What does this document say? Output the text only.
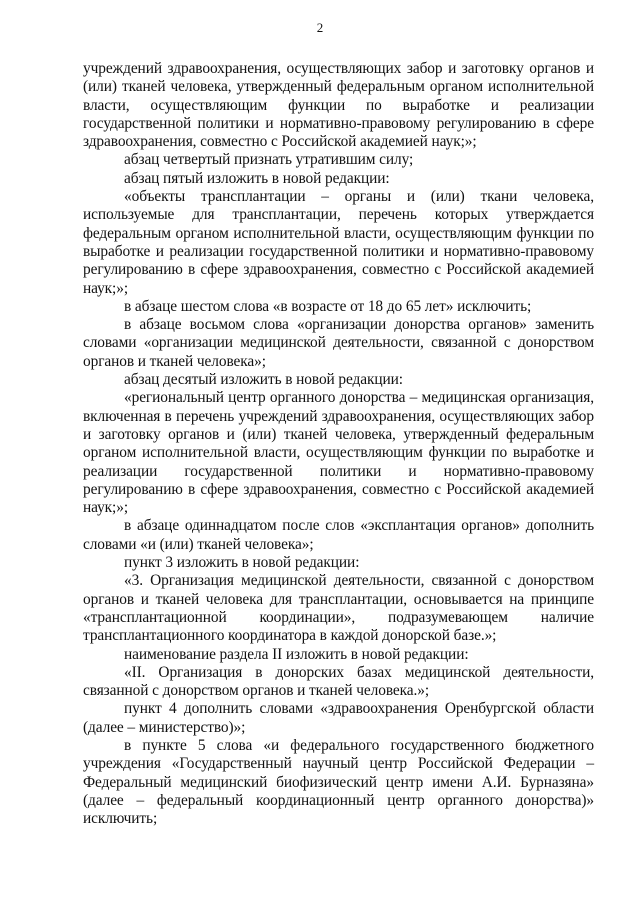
2

учреждений здравоохранения, осуществляющих забор и заготовку органов и (или) тканей человека, утвержденный федеральным органом исполнительной власти, осуществляющим функции по выработке и реализации государственной политики и нормативно-правовому регулированию в сфере здравоохранения, совместно с Российской академией наук;»;

абзац четвертый признать утратившим силу;

абзац пятый изложить в новой редакции:

«объекты трансплантации – органы и (или) ткани человека, используемые для трансплантации, перечень которых утверждается федеральным органом исполнительной власти, осуществляющим функции по выработке и реализации государственной политики и нормативно-правовому регулированию в сфере здравоохранения, совместно с Российской академией наук;»;

в абзаце шестом слова «в возрасте от 18 до 65 лет» исключить;

в абзаце восьмом слова «организации донорства органов» заменить словами «организации медицинской деятельности, связанной с донорством органов и тканей человека»;

абзац десятый изложить в новой редакции:

«региональный центр органного донорства – медицинская организация, включенная в перечень учреждений здравоохранения, осуществляющих забор и заготовку органов и (или) тканей человека, утвержденный федеральным органом исполнительной власти, осуществляющим функции по выработке и реализации государственной политики и нормативно-правовому регулированию в сфере здравоохранения, совместно с Российской академией наук;»;

в абзаце одиннадцатом после слов «эксплантация органов» дополнить словами «и (или) тканей человека»;

пункт 3 изложить в новой редакции:

«3. Организация медицинской деятельности, связанной с донорством органов и тканей человека для трансплантации, основывается на принципе «трансплантационной координации», подразумевающем наличие трансплантационного координатора в каждой донорской базе.»;

наименование раздела II изложить в новой редакции:

«II. Организация в донорских базах медицинской деятельности, связанной с донорством органов и тканей человека.»;

пункт 4 дополнить словами «здравоохранения Оренбургской области (далее – министерство)»;

в пункте 5 слова «и федерального государственного бюджетного учреждения «Государственный научный центр Российской Федерации – Федеральный медицинский биофизический центр имени А.И. Бурназяна» (далее – федеральный координационный центр органного донорства)» исключить;
